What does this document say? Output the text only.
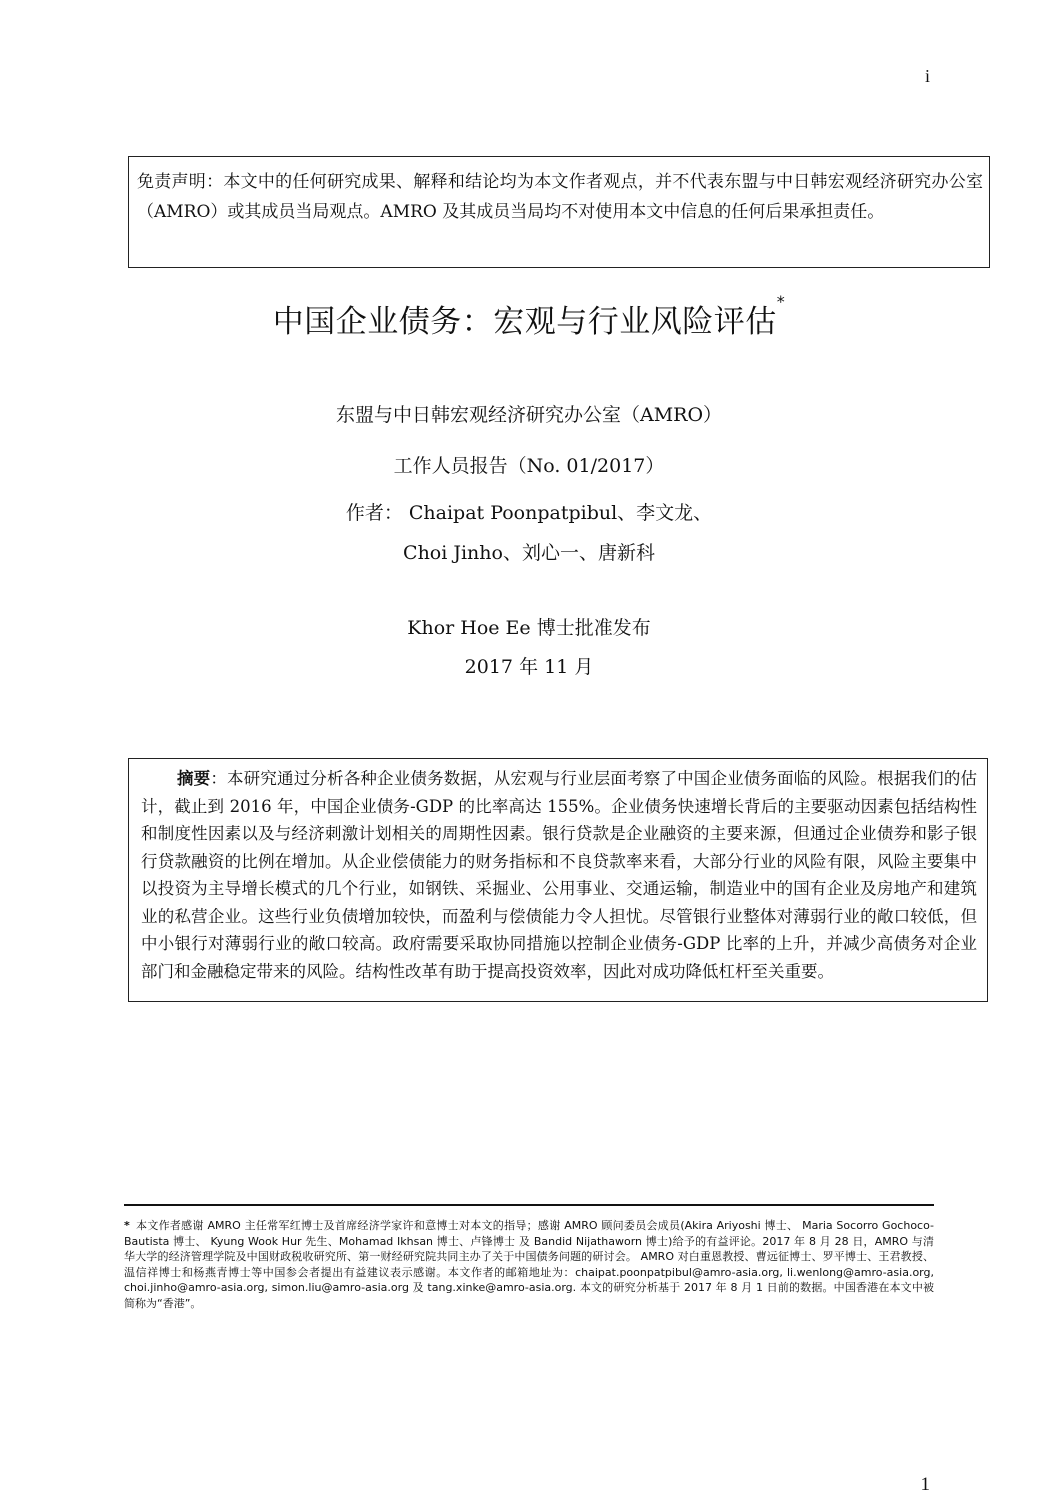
i
免责声明：本文中的任何研究成果、解释和结论均为本文作者观点，并不代表东盟与中日韩宏观经济研究办公室（AMRO）或其成员当局观点。AMRO 及其成员当局均不对使用本文中信息的任何后果承担责任。
中国企业债务：宏观与行业风险评估*
东盟与中日韩宏观经济研究办公室（AMRO）
工作人员报告（No. 01/2017）
作者： Chaipat Poonpatpibul、李文龙、
Choi Jinho、刘心一、唐新科
Khor Hoe Ee 博士批准发布
2017 年 11 月

摘要：本研究通过分析各种企业债务数据，从宏观与行业层面考察了中国企业债务面临的风险。根据我们的估计，截止到 2016 年，中国企业债务-GDP 的比率高达 155%。企业债务快速增长背后的主要驱动因素包括结构性和制度性因素以及与经济刺激计划相关的周期性因素。银行贷款是企业融资的主要来源，但通过企业债券和影子银行贷款融资的比例在增加。从企业偿债能力的财务指标和不良贷款率来看，大部分行业的风险有限，风险主要集中以投资为主导增长模式的几个行业，如钢铁、采掘业、公用事业、交通运输，制造业中的国有企业及房地产和建筑业的私营企业。这些行业负债增加较快，而盈利与偿债能力令人担忧。尽管银行业整体对薄弱行业的敞口较低，但中小银行对薄弱行业的敞口较高。政府需要采取协同措施以控制企业债务-GDP 比率的上升，并减少高债务对企业部门和金融稳定带来的风险。结构性改革有助于提高投资效率，因此对成功降低杠杆至关重要。

* 本文作者感谢 AMRO 主任常军红博士及首席经济学家许和意博士对本文的指导；感谢 AMRO 顾问委员会成员(Akira Ariyoshi 博士、 Maria Socorro Gochoco-Bautista 博士、 Kyung Wook Hur 先生、Mohamad Ikhsan 博士、卢锋博士 及 Bandid Nijathaworn 博士)给予的有益评论。2017 年 8 月 28 日，AMRO 与清华大学的经济管理学院及中国财政税收研究所、第一财经研究院共同主办了关于中国债务问题的研讨会。 AMRO 对白重恩教授、曹远征博士、罗平博士、王君教授、温信祥博士和杨燕青博士等中国参会者提出有益建议表示感谢。本文作者的邮箱地址为：chaipat.poonpatpibul@amro-asia.org, li.wenlong@amro-asia.org, choi.jinho@amro-asia.org, simon.liu@amro-asia.org 及 tang.xinke@amro-asia.org. 本文的研究分析基于 2017 年 8 月 1 日前的数据。中国香港在本文中被简称为“香港”。
1
